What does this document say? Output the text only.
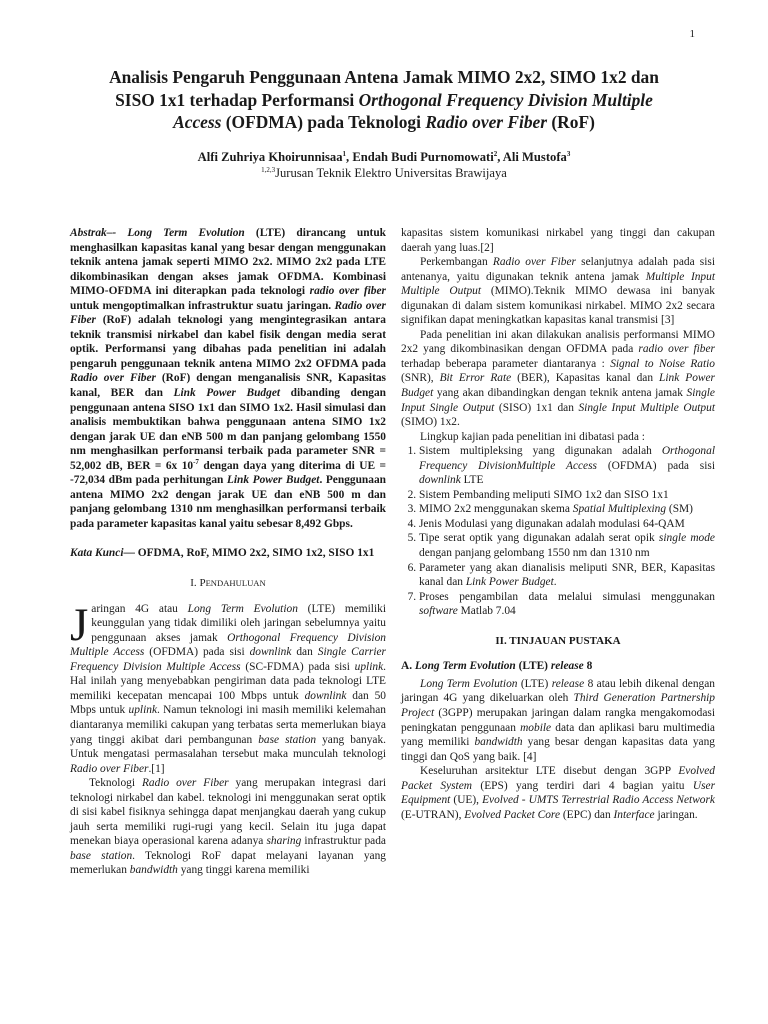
1
Analisis Pengaruh Penggunaan Antena Jamak MIMO 2x2, SIMO 1x2 dan
SISO 1x1 terhadap Performansi Orthogonal Frequency Division Multiple
Access (OFDMA) pada Teknologi Radio over Fiber (RoF)
Alfi Zuhriya Khoirunnisaa$^1$, Endah Budi Purnomowati$^2$, Ali Mustofa$^3$
$^{1,2,3}$Jurusan Teknik Elektro Universitas Brawijaya

Abstrak–- Long Term Evolution (LTE) dirancang untuk menghasilkan kapasitas kanal yang besar dengan menggunakan teknik antena jamak seperti MIMO 2x2. MIMO 2x2 pada LTE dikombinasikan dengan akses jamak OFDMA. Kombinasi MIMO-OFDMA ini diterapkan pada teknologi radio over fiber untuk mengoptimalkan infrastruktur suatu jaringan. Radio over Fiber (RoF) adalah teknologi yang mengintegrasikan antara teknik transmisi nirkabel dan kabel fisik dengan media serat optik. Performansi yang dibahas pada penelitian ini adalah pengaruh penggunaan teknik antena MIMO 2x2 OFDMA pada Radio over Fiber (RoF) dengan menganalisis SNR, Kapasitas kanal, BER dan Link Power Budget dibanding dengan penggunaan antena SISO 1x1 dan SIMO 1x2. Hasil simulasi dan analisis membuktikan bahwa penggunaan antena SIMO 1x2 dengan jarak UE dan eNB 500 m dan panjang gelombang 1550 nm menghasilkan performansi terbaik pada parameter SNR = 52,002 dB, BER = 6x $10^{-7}$ dengan daya yang diterima di UE = -72,034 dBm pada perhitungan Link Power Budget. Penggunaan antena MIMO 2x2 dengan jarak UE dan eNB 500 m dan panjang gelombang 1310 nm menghasilkan performansi terbaik pada parameter kapasitas kanal yaitu sebesar 8,492 Gbps.

Kata Kunci— OFDMA, RoF, MIMO 2x2, SIMO 1x2, SISO 1x1

I. PENDAHULUAN

Jaringan 4G atau Long Term Evolution (LTE) memiliki keunggulan yang tidak dimiliki oleh jaringan sebelumnya yaitu penggunaan akses jamak Orthogonal Frequency Division Multiple Access (OFDMA) pada sisi downlink dan Single Carrier Frequency Division Multiple Access (SC-FDMA) pada sisi uplink. Hal inilah yang menyebabkan pengiriman data pada teknologi LTE memiliki kecepatan mencapai 100 Mbps untuk downlink dan 50 Mbps untuk uplink. Namun teknologi ini masih memiliki kelemahan diantaranya memiliki cakupan yang terbatas serta memerlukan biaya yang tinggi akibat dari pembangunan base station yang banyak. Untuk mengatasi permasalahan tersebut maka munculah teknologi Radio over Fiber.[1]

Teknologi Radio over Fiber yang merupakan integrasi dari teknologi nirkabel dan kabel. teknologi ini menggunakan serat optik di sisi kabel fisiknya sehingga dapat menjangkau daerah yang cukup jauh serta memiliki rugi-rugi yang kecil. Selain itu juga dapat menekan biaya operasional karena adanya sharing infrastruktur pada base station. Teknologi RoF dapat melayani layanan yang memerlukan bandwidth yang tinggi karena memiliki

kapasitas sistem komunikasi nirkabel yang tinggi dan cakupan daerah yang luas.[2]

Perkembangan Radio over Fiber selanjutnya adalah pada sisi antenanya, yaitu digunakan teknik antena jamak Multiple Input Multiple Output (MIMO).Teknik MIMO dewasa ini banyak digunakan di dalam sistem komunikasi nirkabel. MIMO 2x2 secara signifikan dapat meningkatkan kapasitas kanal transmisi [3]

Pada penelitian ini akan dilakukan analisis performansi MIMO 2x2 yang dikombinasikan dengan OFDMA pada radio over fiber terhadap beberapa parameter diantaranya : Signal to Noise Ratio (SNR), Bit Error Rate (BER), Kapasitas kanal dan Link Power Budget yang akan dibandingkan dengan teknik antena jamak Single Input Single Output (SISO) 1x1 dan Single Input Multiple Output (SIMO) 1x2.

Lingkup kajian pada penelitian ini dibatasi pada :

1. Sistem multipleksing yang digunakan adalah Orthogonal Frequency DivisionMultiple Access (OFDMA) pada sisi downlink LTE
2. Sistem Pembanding meliputi SIMO 1x2 dan SISO 1x1
3. MIMO 2x2 menggunakan skema Spatial Multiplexing (SM)
4. Jenis Modulasi yang digunakan adalah modulasi 64-QAM
5. Tipe serat optik yang digunakan adalah serat opik single mode dengan panjang gelombang 1550 nm dan 1310 nm
6. Parameter yang akan dianalisis meliputi SNR, BER, Kapasitas kanal dan Link Power Budget.
7. Proses pengambilan data melalui simulasi menggunakan software Matlab 7.04
II. TINJAUAN PUSTAKA
A. Long Term Evolution (LTE) release 8

Long Term Evolution (LTE) release 8 atau lebih dikenal dengan jaringan 4G yang dikeluarkan oleh Third Generation Partnership Project (3GPP) merupakan jaringan dalam rangka mengakomodasi peningkatan penggunaan mobile data dan aplikasi baru multimedia yang memiliki bandwidth yang besar dengan kapasitas data yang tinggi dan QoS yang baik. [4]

Keseluruhan arsitektur LTE disebut dengan 3GPP Evolved Packet System (EPS) yang terdiri dari 4 bagian yaitu User Equipment (UE), Evolved - UMTS Terrestrial Radio Access Network (E-UTRAN), Evolved Packet Core (EPC) dan Interface jaringan.
